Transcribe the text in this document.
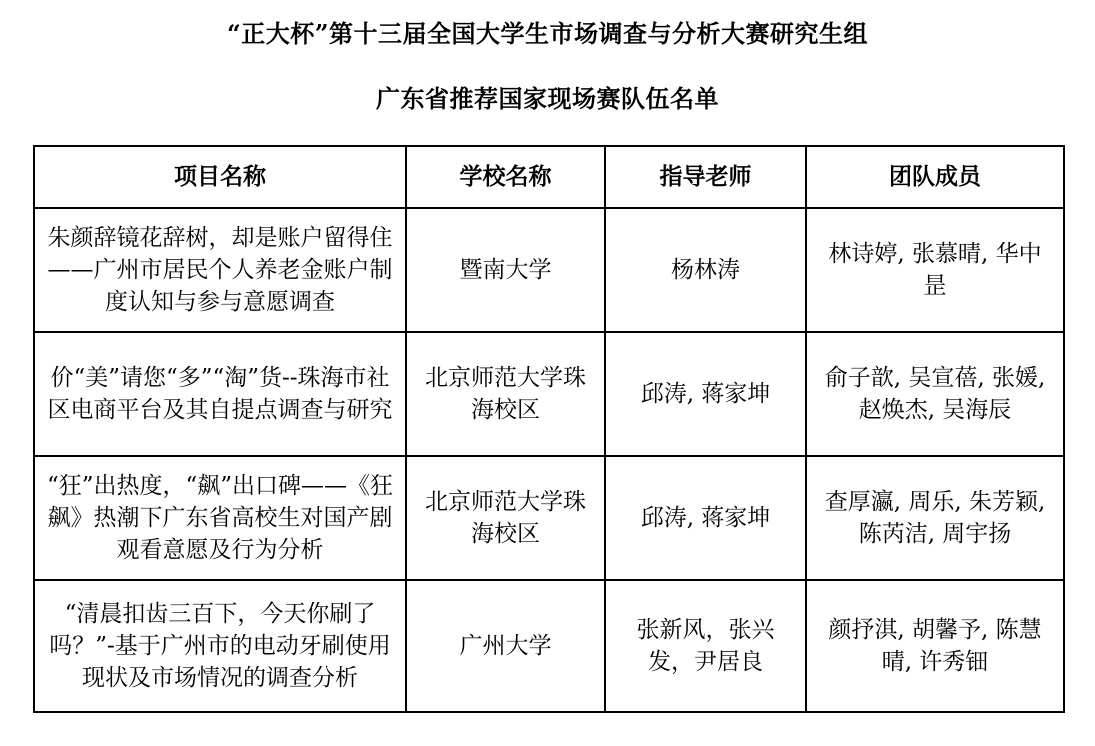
“正大杯”第十三届全国大学生市场调查与分析大赛研究生组
广东省推荐国家现场赛队伍名单
项目名称	学校名称	指导老师	团队成员

朱颜辞镜花辞树，却是账户留得住——广州市居民个人养老金账户制度认知与参与意愿调查	暨南大学	杨林涛	林诗婷, 张慕晴, 华中昰

价“美”请您“多”“淘”货--珠海市社区电商平台及其自提点调查与研究	北京师范大学珠海校区	邱涛, 蒋家坤	俞子歆, 吴宣蓓, 张媛, 赵焕杰, 吴海辰

“狂”出热度，“飙”出口碑——《狂飙》热潮下广东省高校生对国产剧观看意愿及行为分析	北京师范大学珠海校区	邱涛, 蒋家坤	查厚瀛, 周乐, 朱芳颖, 陈芮洁, 周宇扬

“清晨扣齿三百下，今天你刷了吗？”-基于广州市的电动牙刷使用现状及市场情况的调查分析	广州大学	张新风，张兴发，尹居良	颜抒淇, 胡馨予, 陈慧晴, 许秀钿
